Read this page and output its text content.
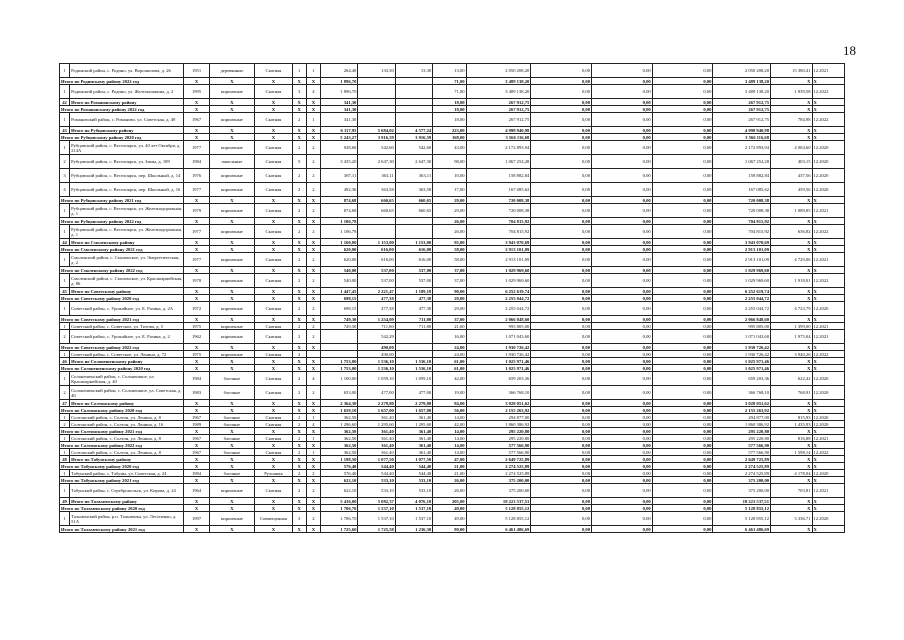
18
1	Родинский район, с. Родино, ул. Ворошилова, д. 26	1951	деревянные	Скатная	1	1	264,40	133,30	13,30	13,00	2 050 208,20	0,00	0,00	0,00	2 050 208,20	15 380,41	12.2021
Итого по Родинскому району 2022 год		X	X	X	X	X	1 896,70			71,00	3 489 138,20	0,00	0,00	0,00	3 489 138,20	X	X
1	Родинский район, с. Родино, ул. Желтоножкина, д. 2	1995	кирпичные	Скатная	3	4	1 896,70			71,00	3 489 138,20	0,00	0,00	0,00	3 489 138,20	1 839,58	12.2022
42	Итого по Романовскому району	X	X	X	X	X	341,30			18,00	267 912,75	0,00	0,00	0,00	267 912,75	X	X
Итого по Романовскому району 2022 год		X	X	X	X	X	341,30			18,00	267 912,75	0,00	0,00	0,00	267 912,75	X	X
1	Романовский район, с. Романово, ул. Советская, д. 49	1967	кирпичные	Скатная	2	1	341,30			18,00	267 912,75	0,00	0,00	0,00	267 912,75	784,98	12.2022
43	Итого по Рубцовскому району	X	X	X	X	X	6 117,95	5 684,02	4 577,24	223,00	4 998 940,98	0,00	0,00	0,00	4 998 940,98	X	X
Итого по Рубцовскому району 2020 год		X	X	X	X	X	5 243,27	3 916,59	3 916,59	168,00	3 566 116,68	0,00	0,00	0,00	3 566 116,68	X	X
1	Рубцовский район, с. Веселоярск, ул. 40 лет Октября, д. 214А	1977	кирпичные	Скатная	2	2	928,60	542,60	542,60	43,00	2 172 893,94	0,00	0,00	0,00	2 172 893,94	4 004,60	12.2020
2	Рубцовский район, с. Веселоярск, ул. Зимы, д. 189	1984	панельные	Скатная	5	2	3 435,20	2 647,30	2 647,30	98,00	1 067 254,28	0,00	0,00	0,00	1 067 254,28	403,15	12.2020
3	Рубцовский район, с. Веселоярск, пер. Школьный, д. 14	1976	кирпичные	Скатная	2	2	387,11	363,11	363,11	10,00	158 882,84	0,00	0,00	0,00	158 882,84	437,56	12.2020
4	Рубцовский район, с. Веселоярск, пер. Школьный, д. 16	1977	кирпичные	Скатная	2	2	492,36	363,58	363,58	17,00	167 085,62	0,00	0,00	0,00	167 085,62	459,56	12.2020
Итого по Рубцовскому району 2021 год		X	X	X	X	X	874,68	660,65	660,65	29,00	720 008,38	0,00	0,00	0,00	720 008,38	X	X
1	Рубцовский район, с. Веселоярск, ул. Железнодорожная, д. 1	1979	кирпичные	Скатная	2	2	874,68	660,65	660,65	29,00	720 008,38	0,00	0,00	0,00	720 008,38	1 089,85	12.2021
Итого по Рубцовскому району 2022 год		X	X	X	X	X	1 106,78			26,00	704 815,92	0,00	0,00	0,00	704 815,92	X	X
1	Рубцовский район, с. Веселоярск, ул. Железнодорожная, д. 1	1977	кирпичные	Скатная	2	2	1 106,78			26,00	704 815,92	0,00	0,00	0,00	704 815,92	636,82	12.2022
44	Итого по Смоленскому району	X	X	X	X	X	1 160,00	1 153,00	1 153,00	95,00	3 943 070,69	0,00	0,00	0,00	3 943 070,69	X	X
Итого по Смоленскому району 2021 год		X	X	X	X	X	620,00	616,00	616,00	58,00	2 913 101,09	0,00	0,00	0,00	2 913 101,09	X	X
1	Смоленский район, с. Смоленское, ул. Энергетическая, д. 2	1977	кирпичные	Скатная	2	2	620,00	616,00	616,00	58,00	2 913 101,09	0,00	0,00	0,00	2 913 101,09	4 729,06	12.2021
Итого по Смоленскому району 2022 год		X	X	X	X	X	540,00	537,00	537,00	37,00	1 029 969,60	0,00	0,00	0,00	1 029 969,60	X	X
1	Смоленский район, с. Смоленское, ул. Красноармейская, д. 86	1978	кирпичные	Скатная	2	2	540,00	537,00	537,00	37,00	1 029 969,60	0,00	0,00	0,00	1 029 969,60	1 918,01	12.2022
45	Итого по Советскому району	X	X	X	X	X	1 447,45	2 221,47	1 189,18	90,00	6 252 619,74	0,00	0,00	0,00	6 252 619,74	X	X
Итого по Советскому району 2020 год		X	X	X	X	X	698,15	477,38	477,38	29,00	2 255 044,72	0,00	0,00	0,00	2 255 044,72	X	X
1	Советский район, с. Урожайное, ул. Е. Разина, д. 2А	1972	кирпичные	Скатная	2	2	698,15	477,38	477,38	29,00	2 255 044,72	0,00	0,00	0,00	2 255 044,72	4 723,79	12.2020
Итого по Советскому району 2021 год		X	X	X	X	X	749,30	1 254,09	711,80	37,00	2 066 848,60	0,00	0,00	0,00	2 066 848,60	X	X
1	Советский район, с. Советское, ул. Титова, д. 5	1975	кирпичные	Скатная	2	2	749,30	711,80	711,80	21,00	995 805,00	0,00	0,00	0,00	995 805,00	1 399,00	12.2021
2	Советский район, с. Урожайное, ул. Е. Разина, д. 2	1962	кирпичные	Скатная	2	2		542,29		16,00	1 071 043,60	0,00	0,00	0,00	1 071 043,60	1 975,04	12.2021
Итого по Советскому району 2022 год		X	X	X	X	X		490,00		24,00	1 930 726,42	0,00	0,00	0,00	1 930 726,42	X	X
1	Советский район, с. Советское, ул. Ленина, д. 72	1975	кирпичные	Скатная	2			490,00		24,00	1 930 726,42	0,00	0,00	0,00	1 930 726,42	3 940,26	12.2022
46	Итого по Солонешенскому району	X	X	X	X	X	1 753,00	1 536,10	1 536,10	61,00	1 025 971,46	0,00	0,00	0,00	1 025 971,46	X	X
Итого по Солонешенскому району 2020 год		X	X	X	X	X	1 753,00	1 536,10	1 536,10	61,00	1 025 971,46	0,00	0,00	0,00	1 025 971,46	X	X
1	Солонешенский район, с. Солонешное, ул. Красноармейская, д. 40	1984	блочные	Скатная	2	4	1 100,00	1 059,10	1 059,10	42,00	659 203,36	0,00	0,00	0,00	659 203,36	622,42	12.2020
2	Солонешенский район, с. Солонешное, ул. Советская, д. 40	1983	блочные	Скатная	2	2	653,00	477,00	477,00	19,00	366 768,10	0,00	0,00	0,00	366 768,10	768,91	12.2020
47	Итого по Солтонскому району	X	X	X	X	X	2 364,30	2 279,80	2 279,80	84,00	3 028 051,62	0,00	0,00	0,00	3 028 051,62	X	X
Итого по Солтонскому району 2020 год		X	X	X	X	X	1 659,10	1 657,00	1 657,00	56,00	2 155 263,92	0,00	0,00	0,00	2 155 263,92	X	X
1	Солтонский район, с. Солтон, ул. Ленина, д. 8	1967	блочные	Скатная	2	1	362,50	361,40	361,40	14,00	294 877,00	0,00	0,00	0,00	294 877,00	815,93	12.2020
2	Солтонский район, с. Солтон, ул. Ленина, д. 16	1989	блочные	Скатная	2	4	1 296,60	1 295,60	1 295,60	42,00	1 860 386,92	0,00	0,00	0,00	1 860 386,92	1 435,93	12.2020
Итого по Солтонскому району 2021 год		X	X	X	X	X	362,50	361,40	361,40	14,00	295 220,80	0,00	0,00	0,00	295 220,80	X	X
1	Солтонский район, с. Солтон, ул. Ленина, д. 8	1967	блочные	Скатная	2	1	362,50	361,40	361,40	14,00	295 220,80	0,00	0,00	0,00	295 220,80	816,88	12.2021
Итого по Солтонскому району 2022 год		X	X	X	X	X	362,50	361,40	361,40	14,00	577 566,90	0,00	0,00	0,00	577 566,90	X	X
1	Солтонский район, с. Солтон, ул. Ленина, д. 8	1967	блочные	Скатная	2	1	362,50	361,40	361,40	14,00	577 566,90	0,00	0,00	0,00	577 566,90	1 598,14	12.2022
48	Итого по Табунскому району	X	X	X	X	X	1 198,50	1 077,50	1 077,50	47,00	2 649 725,89	0,00	0,00	0,00	2 649 725,89	X	X
Итого по Табунскому району 2020 год		X	X	X	X	X	576,40	544,40	544,40	21,00	2 274 525,89	0,00	0,00	0,00	2 274 525,89	X	X
1	Табунский район, с. Табуны, ул. Советская, д. 24	1984	блочные	Рулонная	2	2	576,40	544,40	544,40	21,00	2 274 525,89	0,00	0,00	0,00	2 274 525,89	4 178,04	12.2020
Итого по Табунскому району 2021 год		X	X	X	X	X	622,10	533,10	533,10	26,00	375 200,00	0,00	0,00	0,00	375 200,00	X	X
1	Табунский район, с. Серебропольск, ул. Кирова, д. 24	1964	кирпичные	Скатная	2	2	622,10	533,10	533,10	26,00	375 200,00	0,00	0,00	0,00	375 200,00	703,81	12.2021
49	Итого по Тальменскому району	X	X	X	X	X	5 416,00	5 082,37	4 076,10	205,00	18 223 537,51	0,00	0,00	0,00	18 223 537,51	X	X
Итого по Тальменскому району 2020 год		X	X	X	X	X	1 706,70	1 537,10	1 537,10	49,00	5 128 855,12	0,00	0,00	0,00	5 128 855,12	X	X
1	Тальменский район, р.п. Тальменка, ул. Лесопенко, д. 51А	1997	кирпичные	Совмещенная	3	2	1 706,70	1 537,10	1 537,10	49,00	5 128 855,12	0,00	0,00	0,00	5 128 855,12	3 336,71	12.2020
Итого по Тальменскому району 2021 год		X	X	X	X	X	1 725,60	1 725,58	1 236,30	80,00	6 461 486,69	0,00	0,00	0,00	6 461 486,69	X	X
